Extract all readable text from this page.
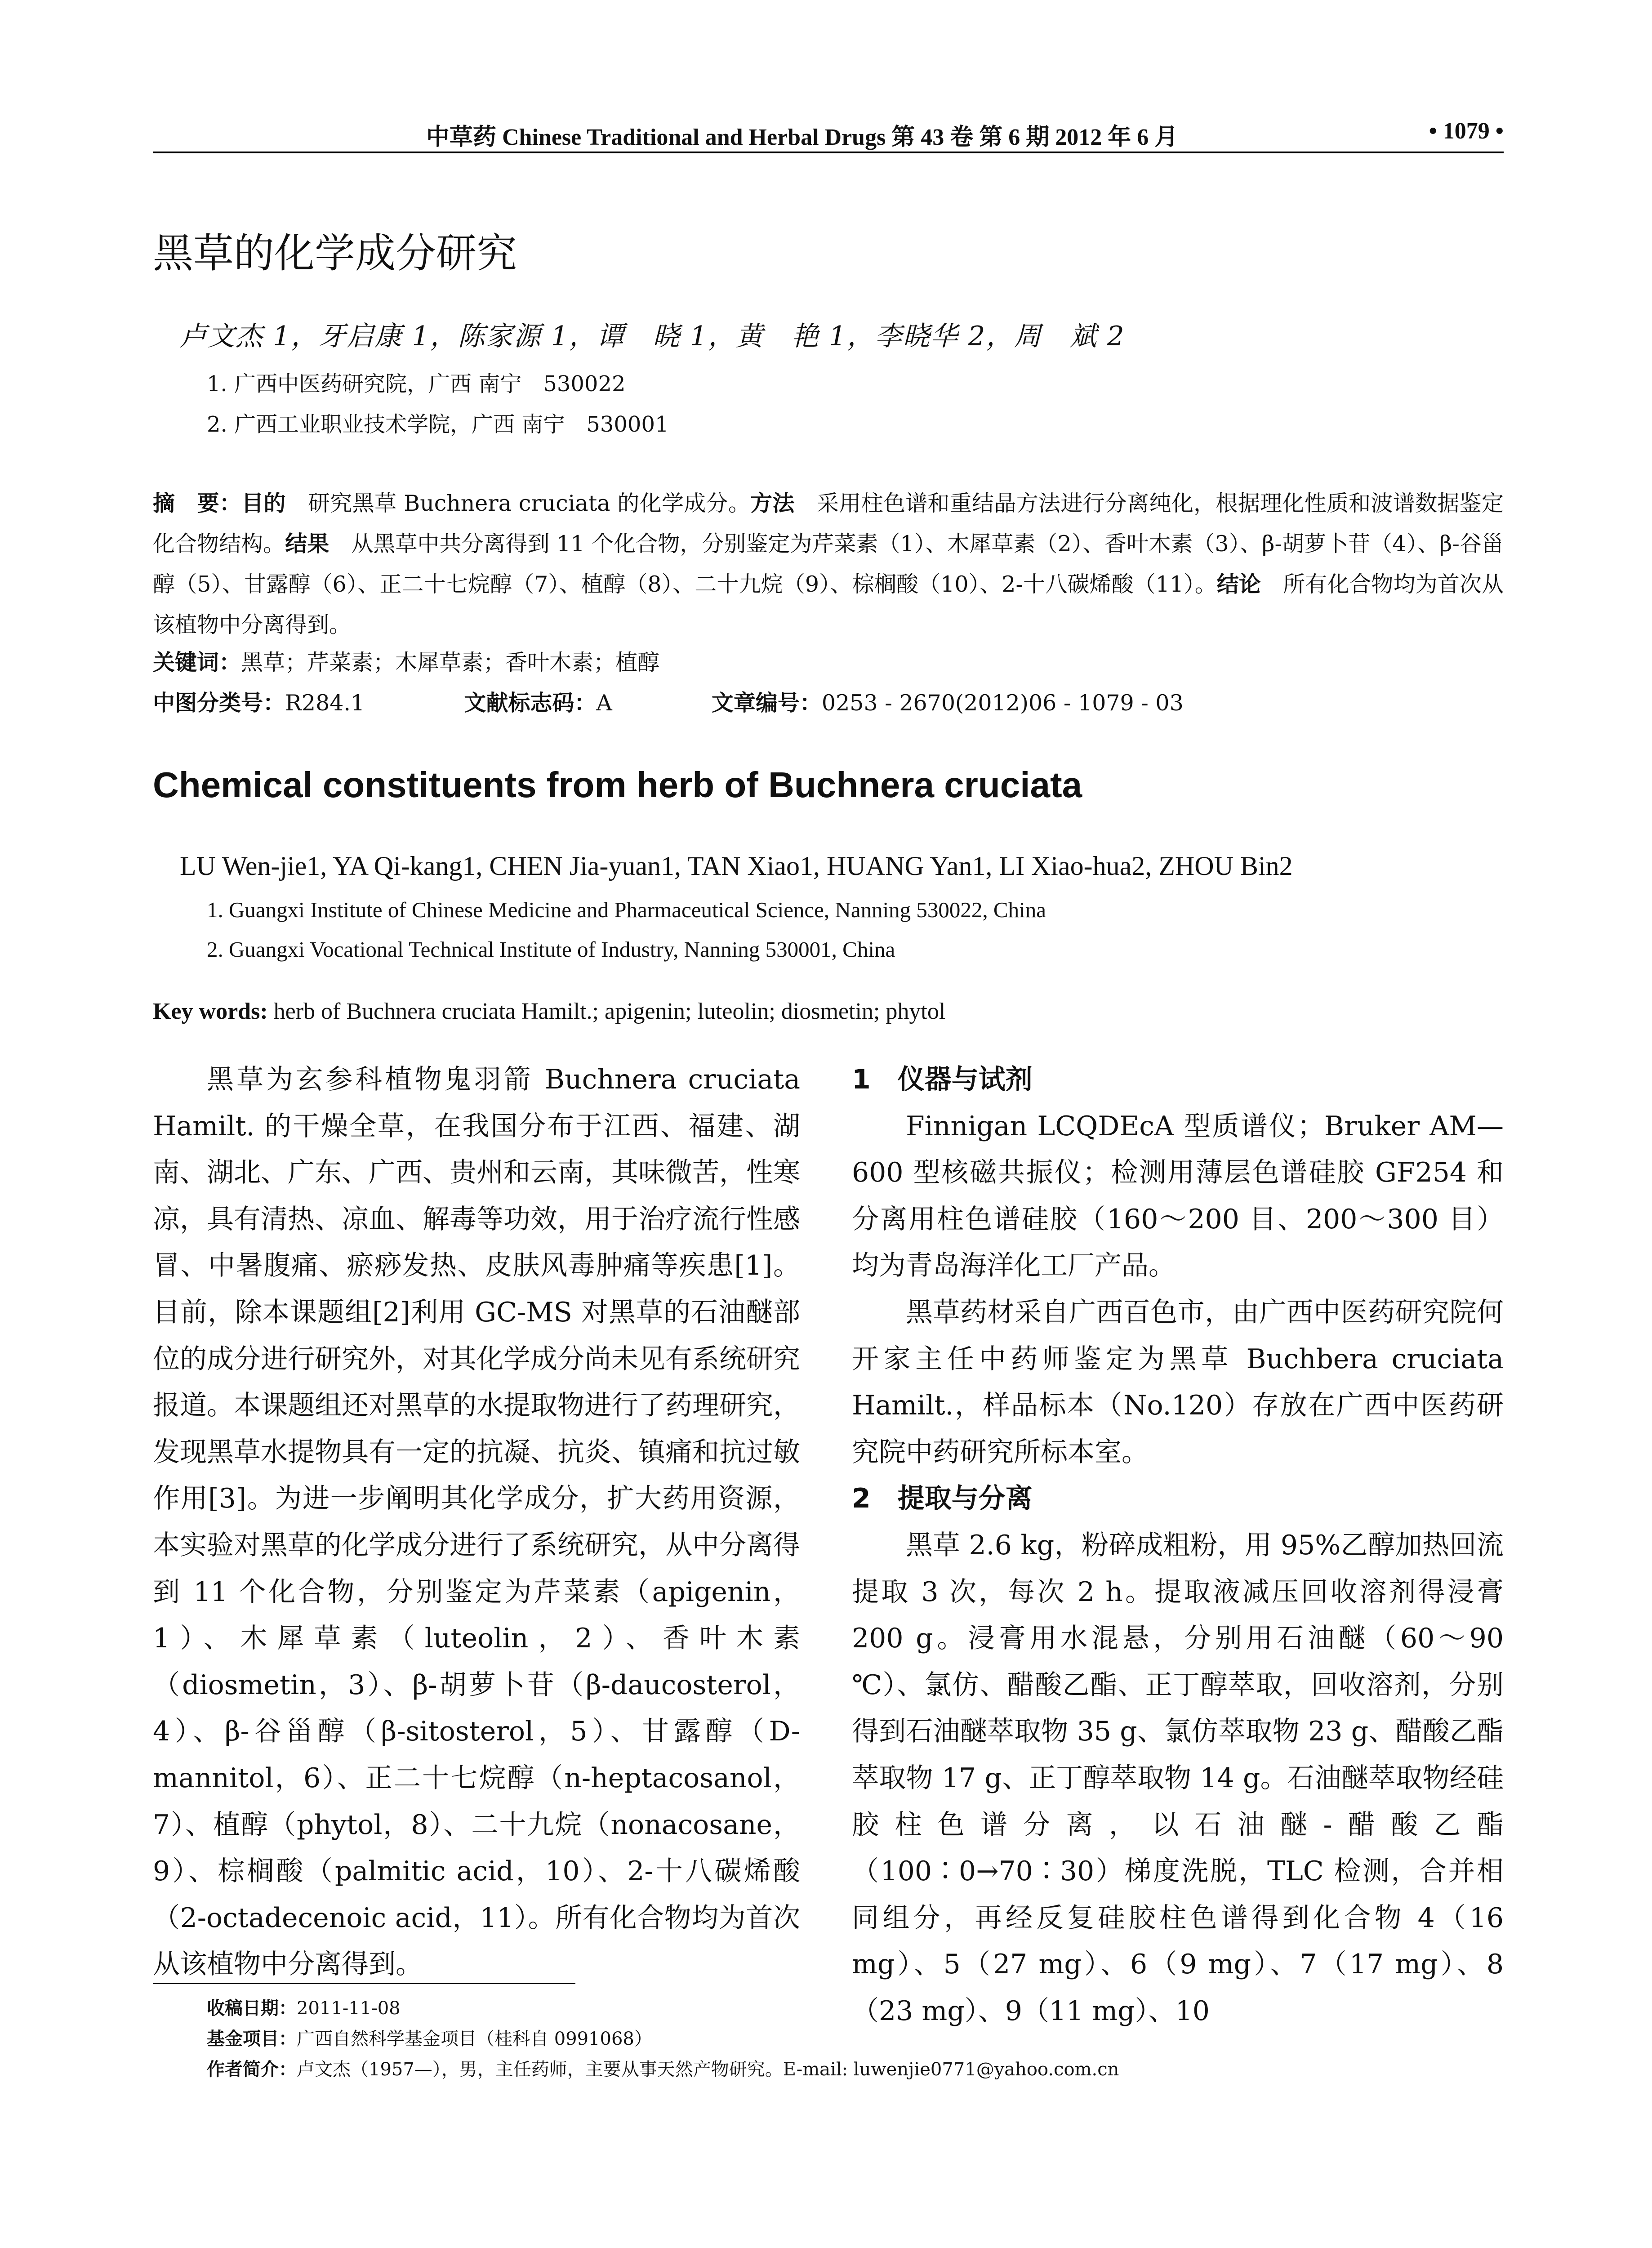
中草药 Chinese Traditional and Herbal Drugs 第 43 卷 第 6 期 2012 年 6 月	• 1079 •
黑草的化学成分研究
卢文杰 1，牙启康 1，陈家源 1，谭　晓 1，黄　艳 1，李晓华 2，周　斌 2
1. 广西中医药研究院，广西 南宁　530022
2. 广西工业职业技术学院，广西 南宁　530001
摘　要：目的　 研究黑草 Buchnera cruciata 的化学成分。方法　 采用柱色谱和重结晶方法进行分离纯化，根据理化性质和波谱数据鉴定化合物结构。结果　 从黑草中共分离得到 11 个化合物，分别鉴定为芹菜素（1）、木犀草素（2）、香叶木素（3）、β-胡萝卜苷（4）、β-谷甾醇（5）、甘露醇（6）、正二十七烷醇（7）、植醇（8）、二十九烷（9）、棕榈酸（10）、2-十八碳烯酸（11）。结论　 所有化合物均为首次从该植物中分离得到。
关键词：黑草；芹菜素；木犀草素；香叶木素；植醇
中图分类号：R284.1	文献标志码：A	文章编号：0253 - 2670(2012)06 - 1079 - 03
Chemical constituents from herb of Buchnera cruciata
LU Wen-jie1, YA Qi-kang1, CHEN Jia-yuan1, TAN Xiao1, HUANG Yan1, LI Xiao-hua2, ZHOU Bin2
1. Guangxi Institute of Chinese Medicine and Pharmaceutical Science, Nanning 530022, China
2. Guangxi Vocational Technical Institute of Industry, Nanning 530001, China
Key words: herb of Buchnera cruciata Hamilt.; apigenin; luteolin; diosmetin; phytol

黑草为玄参科植物鬼羽箭 Buchnera cruciata Hamilt. 的干燥全草，在我国分布于江西、福建、湖南、湖北、广东、广西、贵州和云南，其味微苦，性寒凉，具有清热、凉血、解毒等功效，用于治疗流行性感冒、中暑腹痛、瘀痧发热、皮肤风毒肿痛等疾患[1]。目前，除本课题组[2]利用 GC-MS 对黑草的石油醚部位的成分进行研究外，对其化学成分尚未见有系统研究报道。本课题组还对黑草的水提取物进行了药理研究，发现黑草水提物具有一定的抗凝、抗炎、镇痛和抗过敏作用[3]。为进一步阐明其化学成分，扩大药用资源，本实验对黑草的化学成分进行了系统研究，从中分离得到 11 个化合物，分别鉴定为芹菜素（apigenin，1）、木犀草素（luteolin，2）、香叶木素（diosmetin，3）、β-胡萝卜苷（β-daucosterol，4）、β-谷甾醇（β-sitosterol，5）、甘露醇（D-mannitol，6）、正二十七烷醇（n-heptacosanol，7）、植醇（phytol，8）、二十九烷（nonacosane，9）、棕榈酸（palmitic acid，10）、2-十八碳烯酸（2-octadecenoic acid，11）。所有化合物均为首次从该植物中分离得到。

1　仪器与试剂

Finnigan LCQDEcA 型质谱仪；Bruker AM—600 型核磁共振仪；检测用薄层色谱硅胶 GF254 和分离用柱色谱硅胶（160～200 目、200～300 目）均为青岛海洋化工厂产品。

黑草药材采自广西百色市，由广西中医药研究院何开家主任中药师鉴定为黑草 Buchbera cruciata Hamilt.，样品标本（No.120）存放在广西中医药研究院中药研究所标本室。

2　提取与分离

黑草 2.6 kg，粉碎成粗粉，用 95%乙醇加热回流提取 3 次，每次 2 h。提取液减压回收溶剂得浸膏 200 g。浸膏用水混悬，分别用石油醚（60～90 ℃）、氯仿、醋酸乙酯、正丁醇萃取，回收溶剂，分别得到石油醚萃取物 35 g、氯仿萃取物 23 g、醋酸乙酯萃取物 17 g、正丁醇萃取物 14 g。石油醚萃取物经硅胶柱色谱分离，以石油醚-醋酸乙酯（100∶0→70∶30）梯度洗脱，TLC 检测，合并相同组分，再经反复硅胶柱色谱得到化合物 4（16 mg）、5（27 mg）、6（9 mg）、7（17 mg）、8（23 mg）、9（11 mg）、10

收稿日期：2011-11-08
基金项目：广西自然科学基金项目（桂科自 0991068）
作者简介：卢文杰（1957—），男，主任药师，主要从事天然产物研究。E-mail: luwenjie0771@yahoo.com.cn
